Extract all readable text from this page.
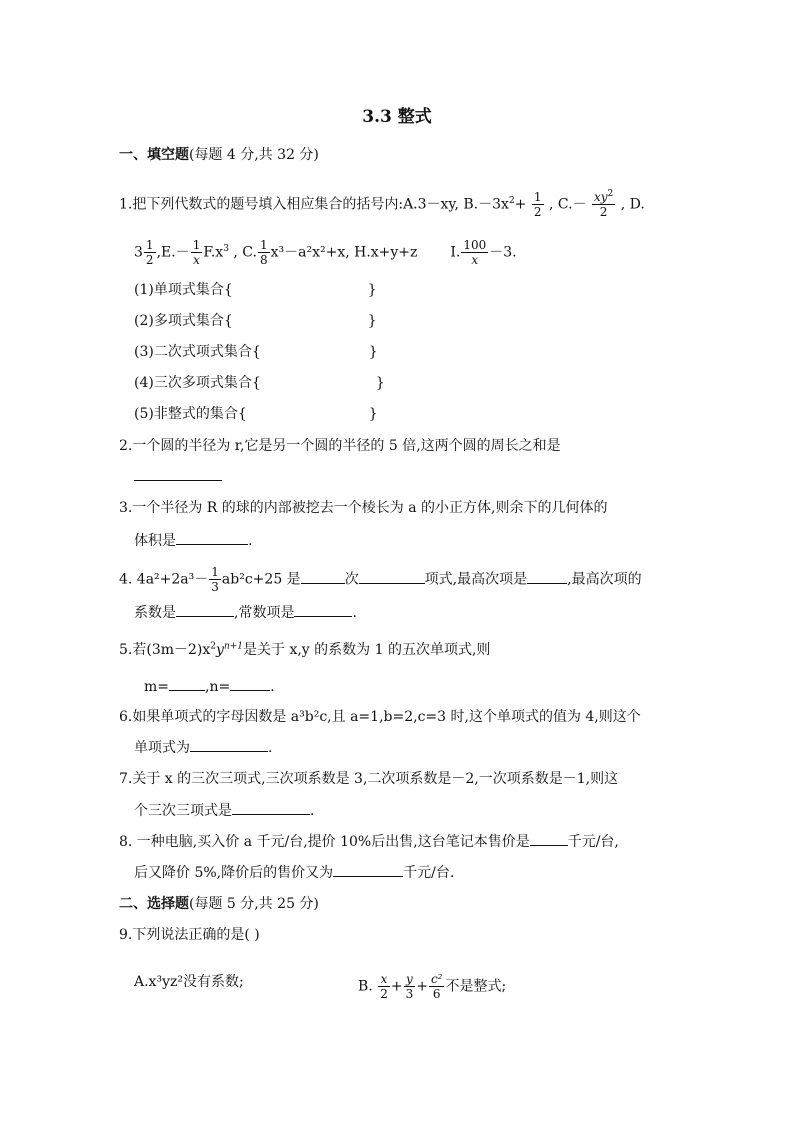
3.3 整式
一、填空题(每题 4 分,共 32 分)
1.把下列代数式的题号填入相应集合的括号内:A.3－xy, $B.-3x^2+ \frac{1}{2}$ , $C.- \frac{xy^2}{2}$ , D.
$3 \frac{1}{2} ,E.- \frac{1}{x} F.x^3$ , C. $\frac{1}{8} x^3-a^2x^2+x$, H.x+y+z I. $\frac{100}{x} -3$.
(1)单项式集合{	}
(2)多项式集合{	}
(3)二次式项式集合{	}
(4)三次多项式集合{	}
(5)非整式的集合{	}
2.一个圆的半径为 r,它是另一个圆的半径的 5 倍,这两个圆的周长之和是
3.一个半径为 R 的球的内部被挖去一个棱长为 a 的小正方体,则余下的几何体的
体积是	.
4. $4a^2+2a^3- \frac{1}{3} ab^2c+25$ 是	次	项式,最高次项是	,最高次项的
系数是	,常数项是	.
5.若$(3m-2)x^2y^{n+1}$是关于 x,y 的系数为 1 的五次单项式,则
m=	,n=	.
6.如果单项式的字母因数是 a³b²c,且 a=1,b=2,c=3 时,这个单项式的值为 4,则这个
单项式为	.
7.关于 x 的三次三项式,三次项系数是 3,二次项系数是－2,一次项系数是－1,则这
个三次三项式是	.
8. 一种电脑,买入价 a 千元/台,提价 10%后出售,这台笔记本售价是	千元/台,
后又降价 5%,降价后的售价又为	千元/台.
二、选择题(每题 5 分,共 25 分)
9.下列说法正确的是( )
A.x³yz²没有系数;	B. $\frac{x}{2} + \frac{y}{3} + \frac{\text{c²}}{6}$ 不是整式;
